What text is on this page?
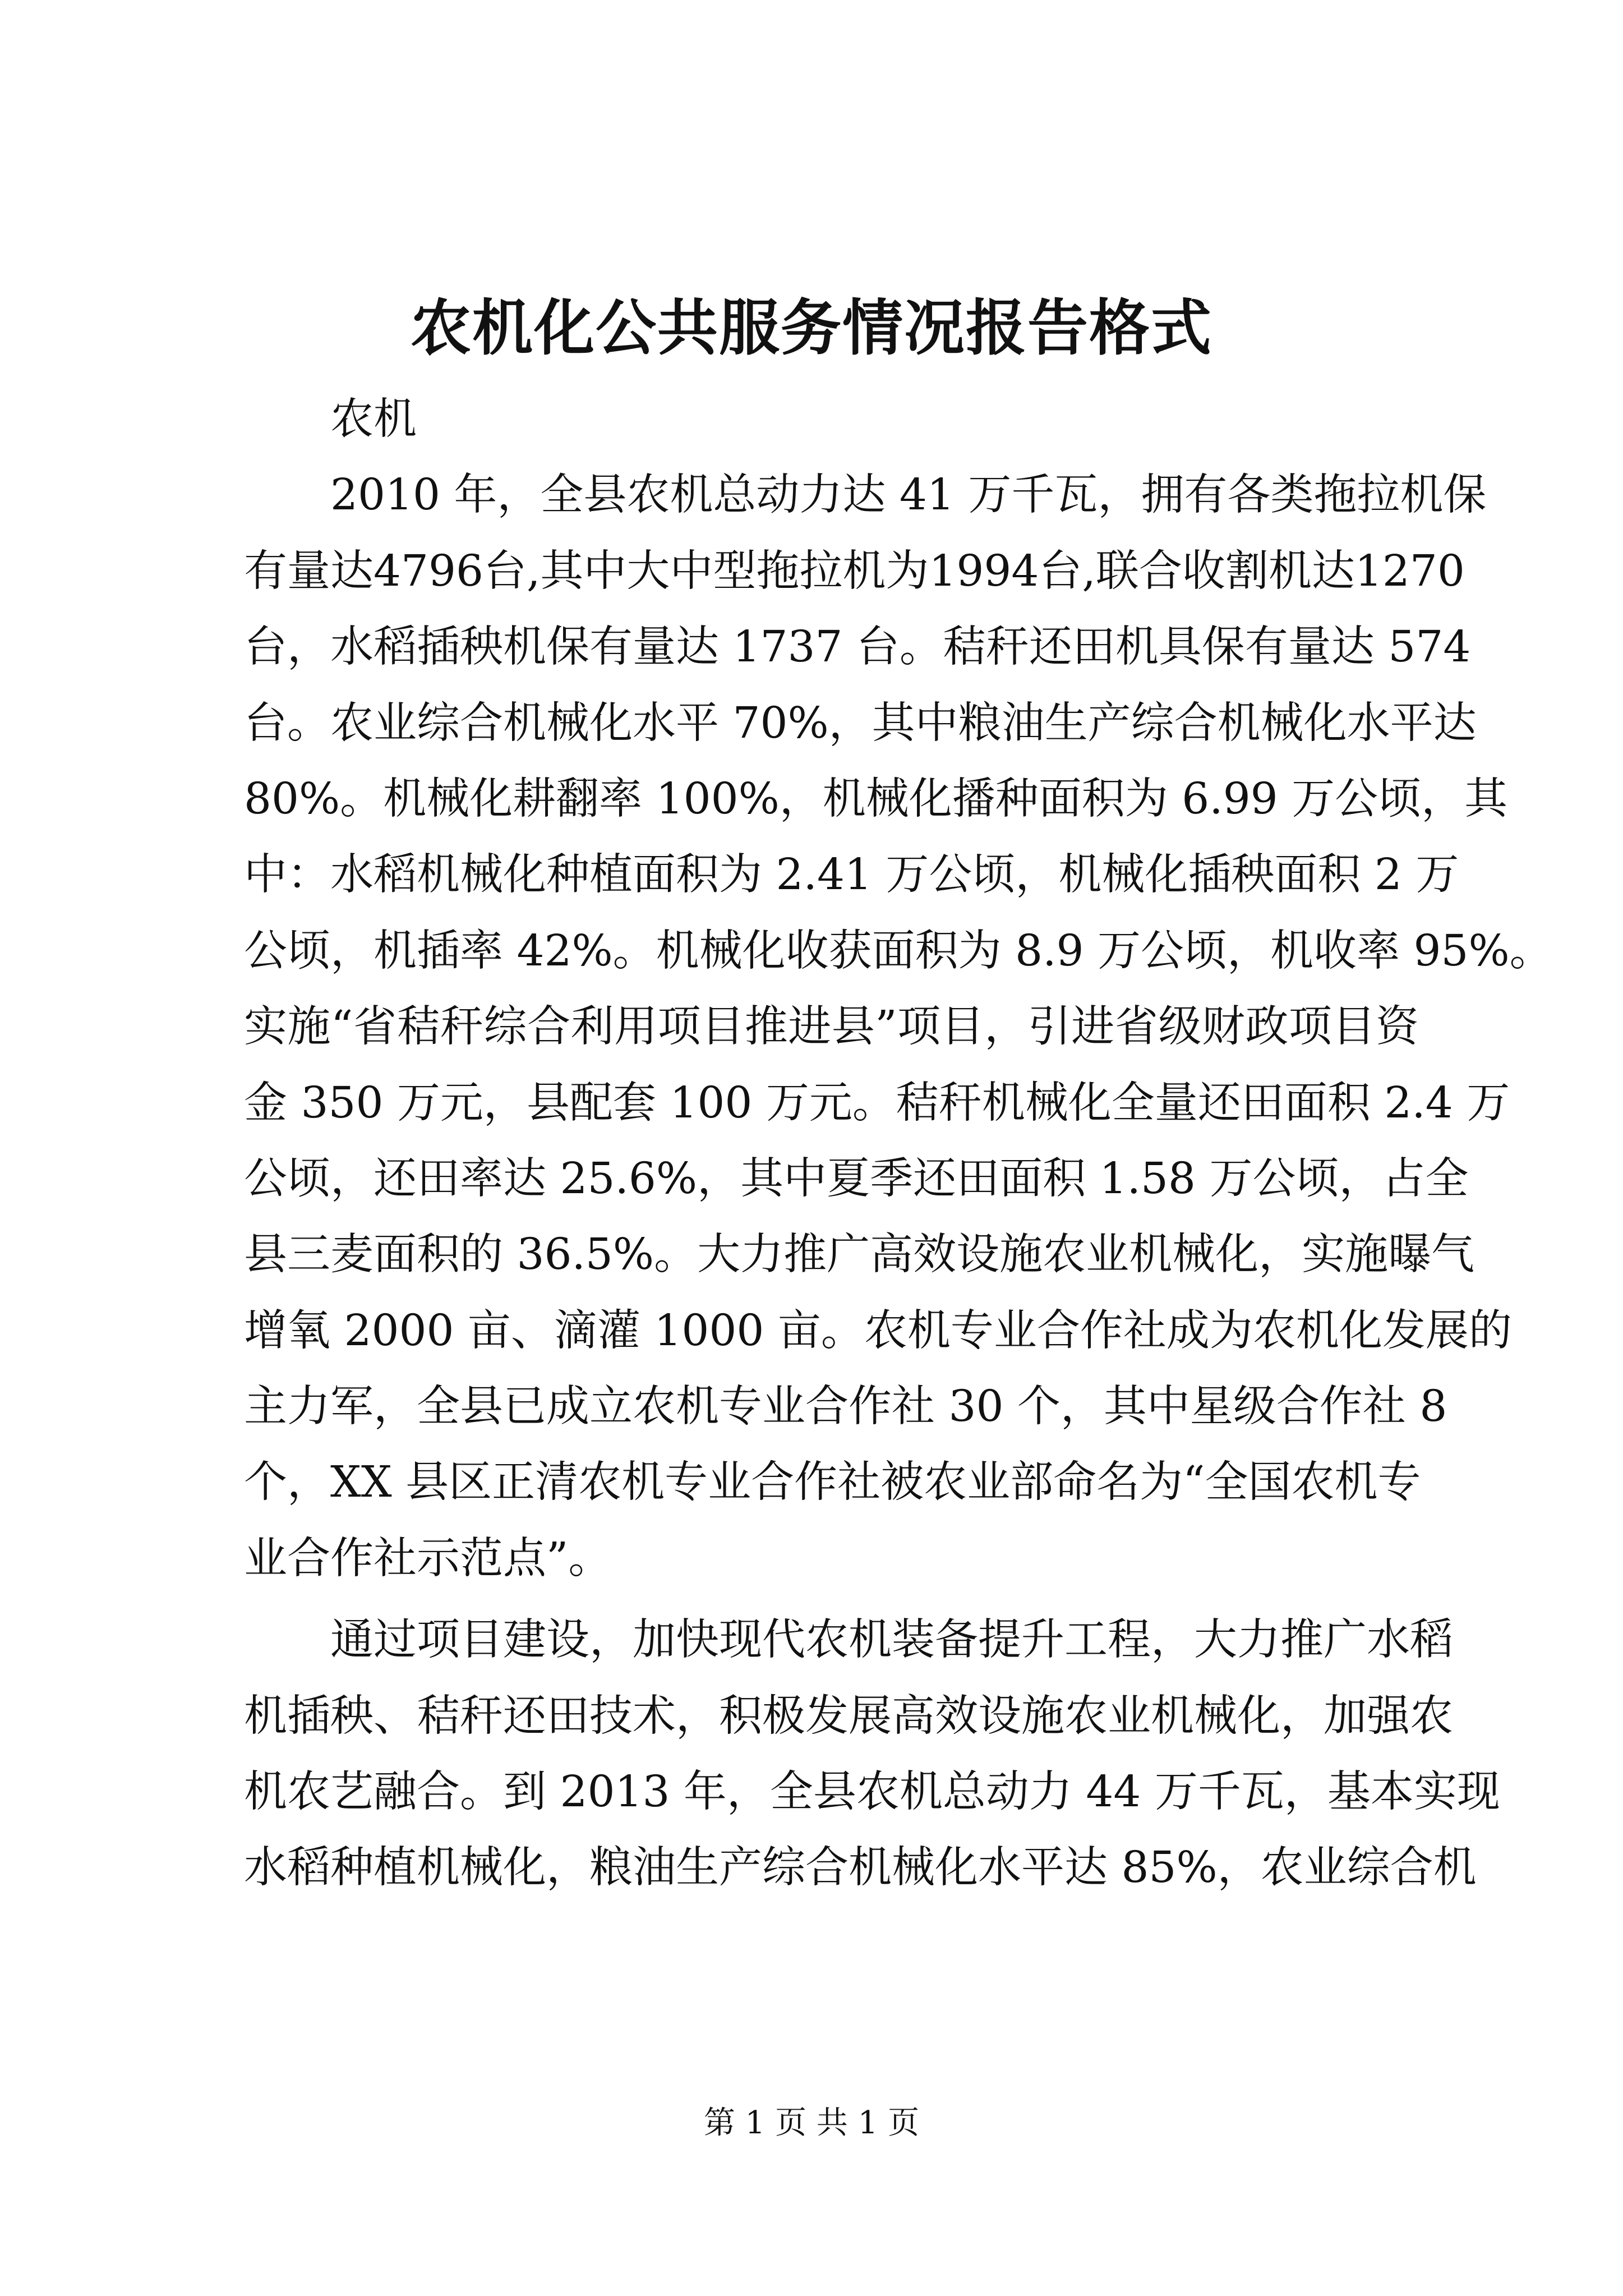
农机化公共服务情况报告格式
农机
2010 年，全县农机总动力达 41 万千瓦，拥有各类拖拉机保
有量达4796台,其中大中型拖拉机为1994台,联合收割机达1270
台，水稻插秧机保有量达 1737 台。秸秆还田机具保有量达 574
台。农业综合机械化水平 70%，其中粮油生产综合机械化水平达
80%。机械化耕翻率 100%，机械化播种面积为 6.99 万公顷，其
中：水稻机械化种植面积为 2.41 万公顷，机械化插秧面积 2 万
公顷，机插率 42%。机械化收获面积为 8.9 万公顷，机收率 95%。
实施“省秸秆综合利用项目推进县”项目，引进省级财政项目资
金 350 万元，县配套 100 万元。秸秆机械化全量还田面积 2.4 万
公顷，还田率达 25.6%，其中夏季还田面积 1.58 万公顷，占全
县三麦面积的 36.5%。大力推广高效设施农业机械化，实施曝气
增氧 2000 亩、滴灌 1000 亩。农机专业合作社成为农机化发展的
主力军，全县已成立农机专业合作社 30 个，其中星级合作社 8
个，XX 县区正清农机专业合作社被农业部命名为“全国农机专
业合作社示范点”。
通过项目建设，加快现代农机装备提升工程，大力推广水稻
机插秧、秸秆还田技术，积极发展高效设施农业机械化，加强农
机农艺融合。到 2013 年，全县农机总动力 44 万千瓦，基本实现
水稻种植机械化，粮油生产综合机械化水平达 85%，农业综合机
第 1 页 共 1 页
